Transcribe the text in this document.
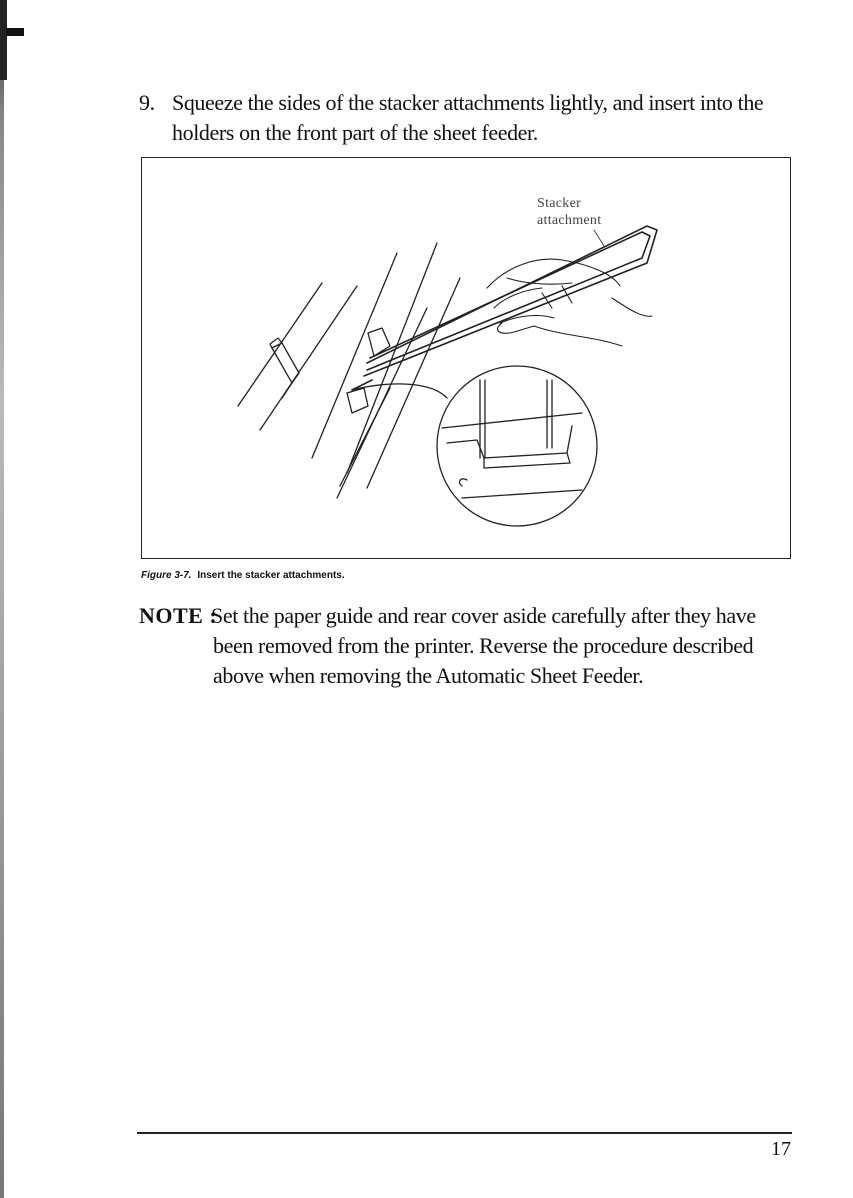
9. Squeeze the sides of the stacker attachments lightly, and insert into the holders on the front part of the sheet feeder.
Stacker
attachment
Figure 3-7. Insert the stacker attachments.
NOTE :
Set the paper guide and rear cover aside carefully after they have
been removed from the printer. Reverse the procedure described above when removing the Automatic Sheet Feeder.
17
